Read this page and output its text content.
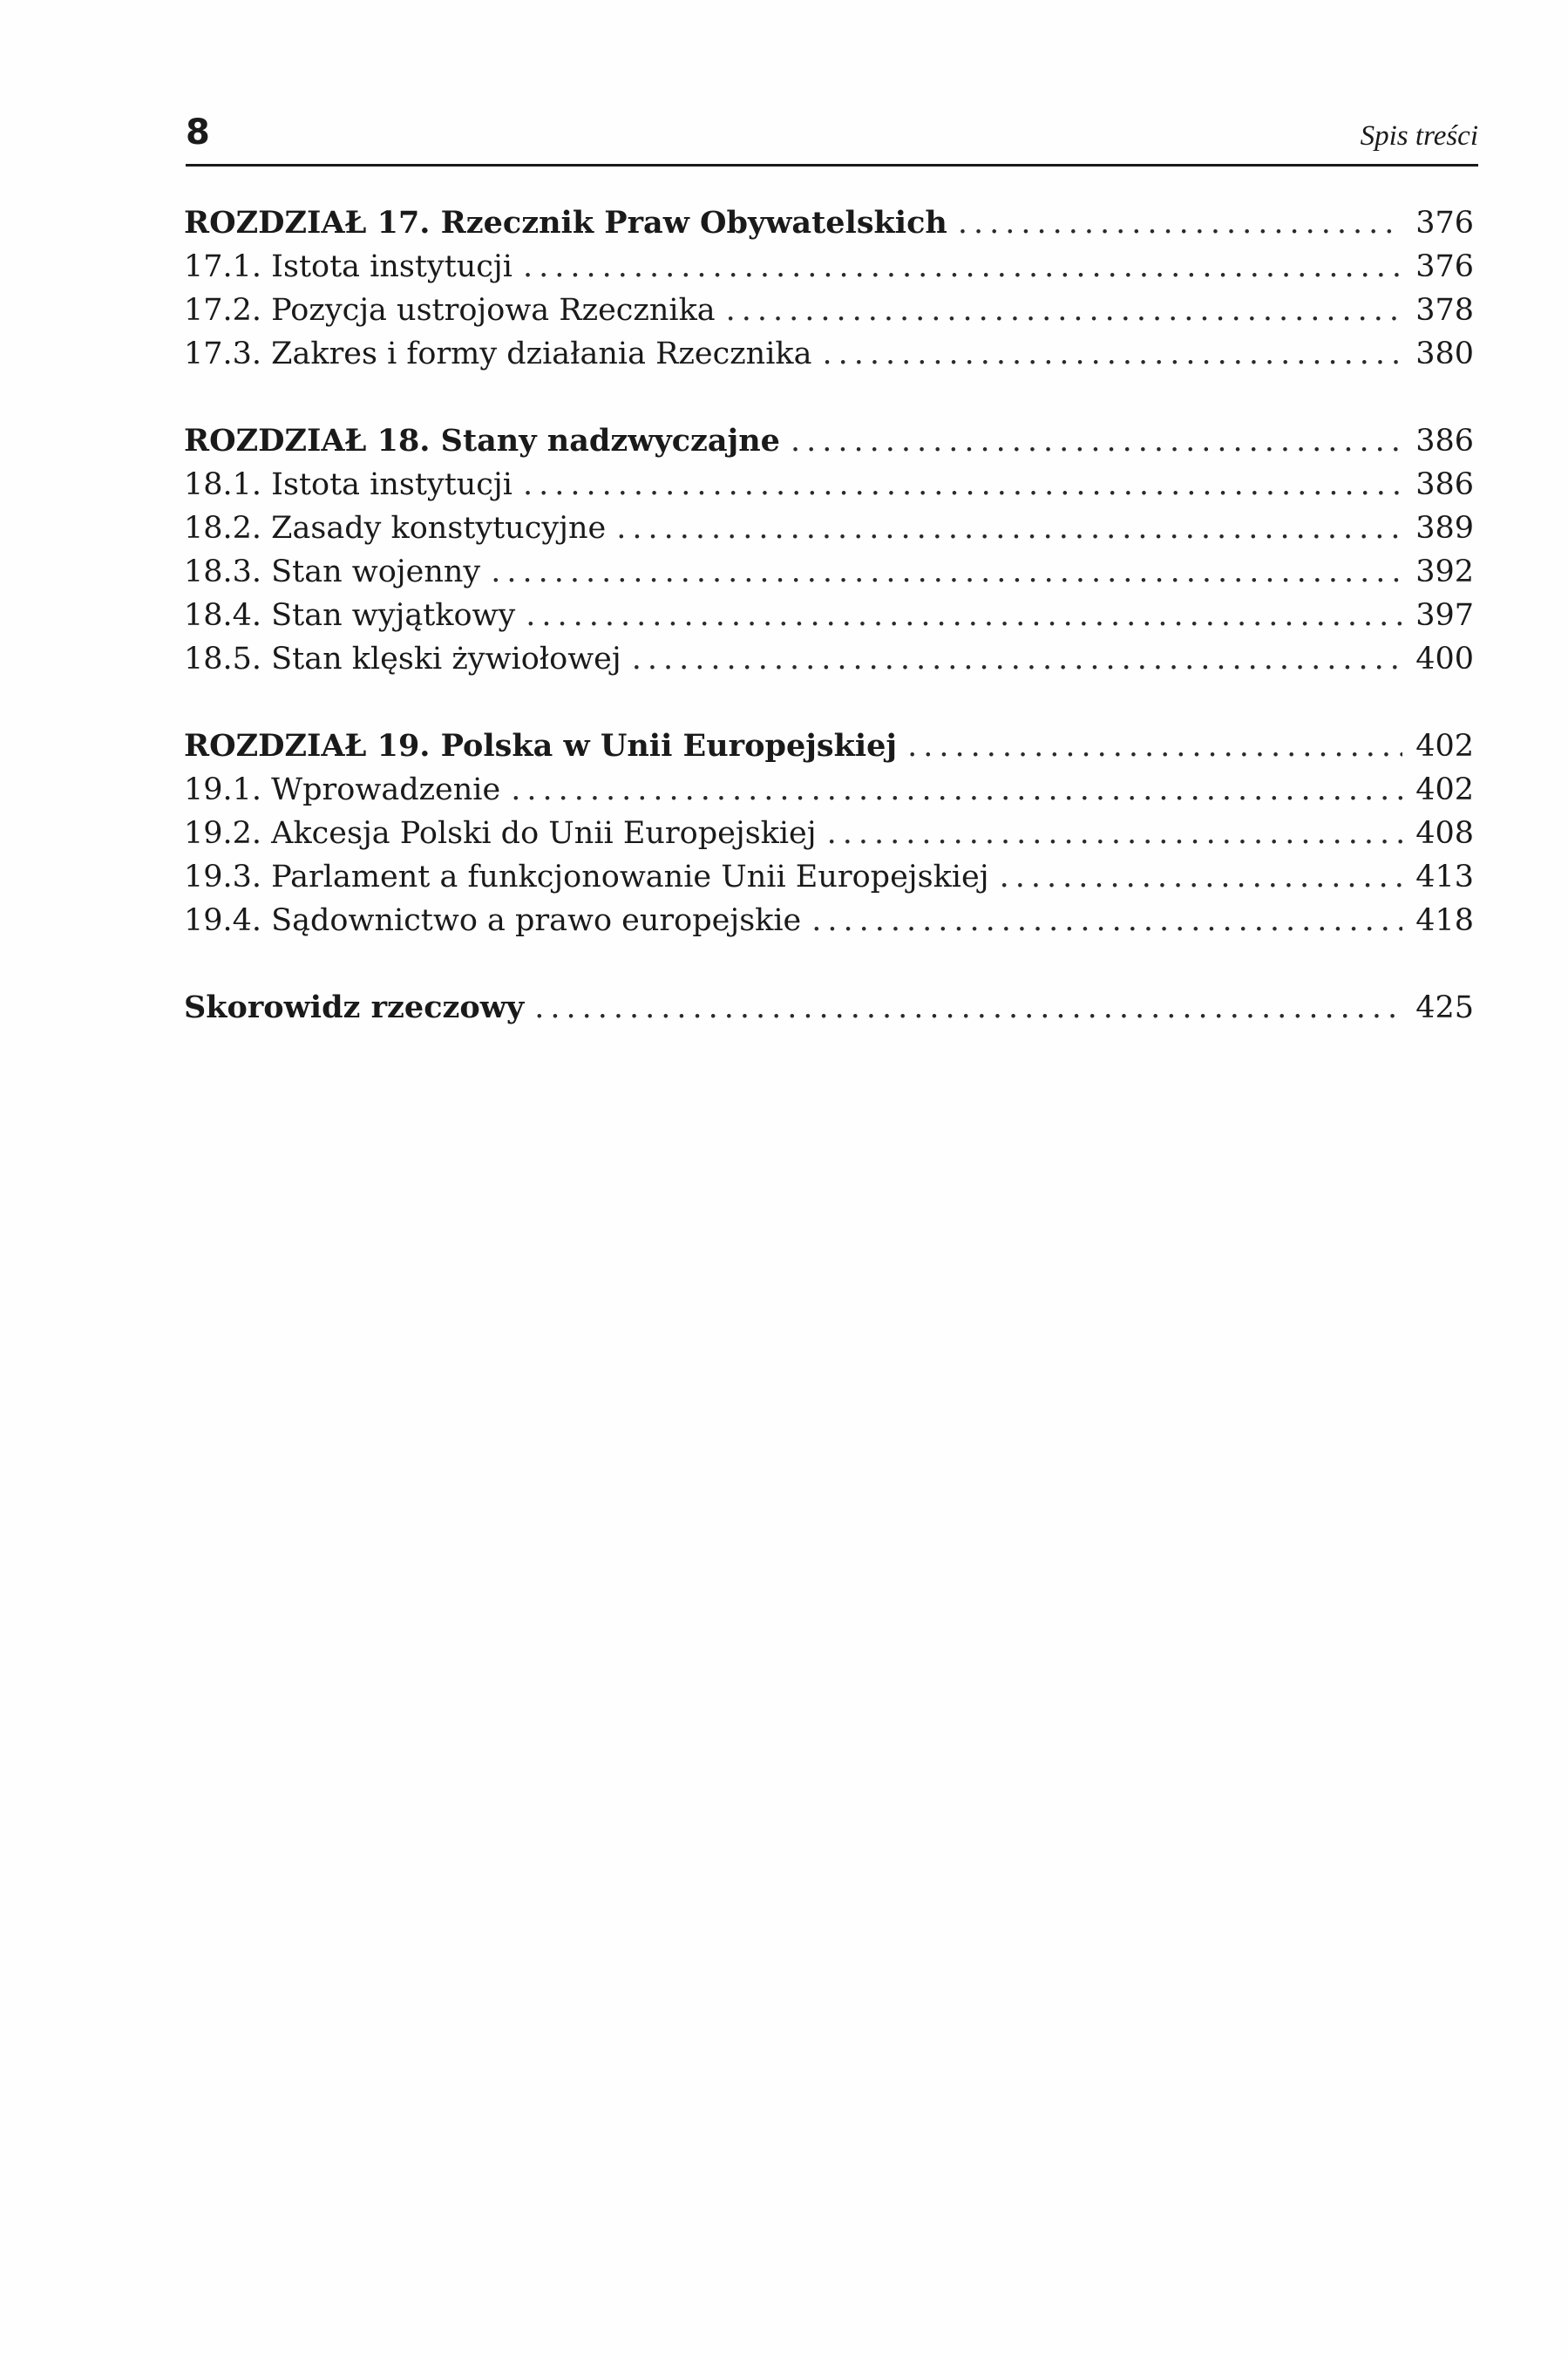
8	Spis treści
ROZDZIAŁ 17. Rzecznik Praw Obywatelskich .....	376
17.1. Istota instytucji .....	376
17.2. Pozycja ustrojowa Rzecznika .....	378
17.3. Zakres i formy działania Rzecznika .....	380
ROZDZIAŁ 18. Stany nadzwyczajne .....	386
18.1. Istota instytucji .....	386
18.2. Zasady konstytucyjne .....	389
18.3. Stan wojenny .....	392
18.4. Stan wyjątkowy .....	397
18.5. Stan klęski żywiołowej .....	400
ROZDZIAŁ 19. Polska w Unii Europejskiej .....	402
19.1. Wprowadzenie .....	402
19.2. Akcesja Polski do Unii Europejskiej .....	408
19.3. Parlament a funkcjonowanie Unii Europejskiej .....	413
19.4. Sądownictwo a prawo europejskie .....	418
Skorowidz rzeczowy .....	425
